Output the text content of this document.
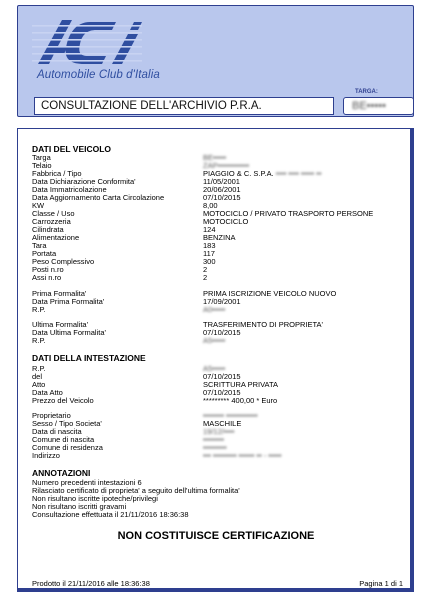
Automobile Club d'Italia
CONSULTAZIONE DELL'ARCHIVIO P.R.A.
TARGA:
BE•••••
DATI DEL VEICOLO
Targa	BE•••••
Telaio	ZAP••••••••••••
Fabbrica / Tipo	PIAGGIO & C. S.P.A. •••• •••• ••••• ••
Data Dichiarazione Conformita'	11/05/2001
Data Immatricolazione	20/06/2001
Data Aggiornamento Carta Circolazione	07/10/2015
KW	8,00
Classe / Uso	MOTOCICLO / PRIVATO TRASPORTO PERSONE
Carrozzeria	MOTOCICLO
Cilindrata	124
Alimentazione	BENZINA
Tara	183
Portata	117
Peso Complessivo	300
Posti n.ro	2
Assi n.ro	2
Prima Formalita'	PRIMA ISCRIZIONE VEICOLO NUOVO
Data Prima Formalita'	17/09/2001
R.P.	A0•••••
Ultima Formalita'	TRASFERIMENTO DI PROPRIETA'
Data Ultima Formalita'	07/10/2015
R.P.	A5•••••
DATI DELLA INTESTAZIONE
R.P.	A5•••••
del	07/10/2015
Atto	SCRITTURA PRIVATA
Data Atto	07/10/2015
Prezzo del Veicolo	********* 400,00 * Euro
Proprietario	•••••••• ••••••••••••
Sesso / Tipo Societa'	MASCHILE
Data di nascita	19/12/••••
Comune di nascita	••••••••
Comune di residenza	•••••••••
Indirizzo	••• ••••••••• •••••• •• - •••••
ANNOTAZIONI
Numero precedenti intestazioni 6
Rilasciato certificato di proprieta' a seguito dell'ultima formalita'
Non risultano iscritte ipoteche/privilegi
Non risultano iscritti gravami
Consultazione effettuata il 21/11/2016 18:36:38
NON COSTITUISCE CERTIFICAZIONE
Prodotto il 21/11/2016 alle 18:36:38	Pagina 1 di 1
